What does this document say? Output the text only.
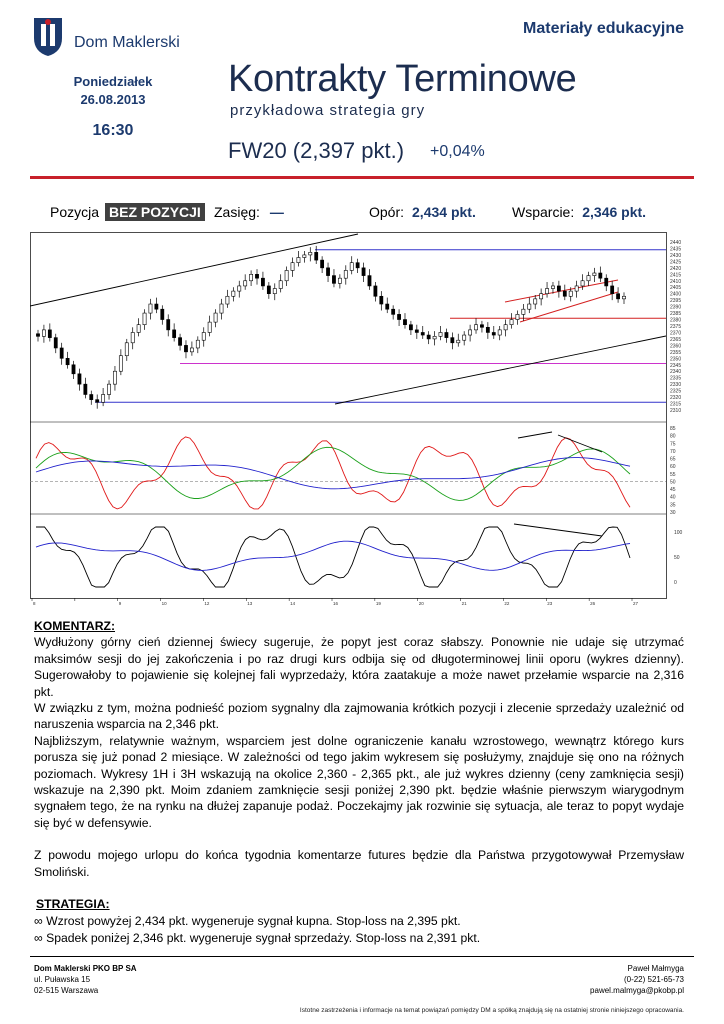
Dom Maklerski
Materiały edukacyjne
Poniedziałek
26.08.2013
16:30
Kontrakty Terminowe
przykładowa strategia gry
FW20 (2,397 pkt.) +0,04%
Pozycja BEZ POZYCJI Zasięg: —	Opór: 2,434 pkt.	Wsparcie: 2,346 pkt.
2440
2435
2430
2425
2420
2415
2410
2405
2400
2395
2390
2385
2380
2375
2370
2365
2360
2355
2350
2345
2340
2335
2330
2325
2320
2315
2310
85
80
75
70
65
60
55
50
45
40
35
30
100
50
0
8	9	10	12	13	14	16	19	20	21	22	23	26	27
KOMENTARZ:

Wydłużony górny cień dziennej świecy sugeruje, że popyt jest coraz słabszy. Ponownie nie udaje się utrzymać maksimów sesji do jej zakończenia i po raz drugi kurs odbija się od długoterminowej linii oporu (wykres dzienny). Sugerowałoby to pojawienie się kolejnej fali wyprzedaży, która zaatakuje a może nawet przełamie wsparcie na 2,316 pkt.

W związku z tym, można podnieść poziom sygnalny dla zajmowania krótkich pozycji i zlecenie sprzedaży uzależnić od naruszenia wsparcia na 2,346 pkt.

Najbliższym, relatywnie ważnym, wsparciem jest dolne ograniczenie kanału wzrostowego, wewnątrz którego kurs porusza się już ponad 2 miesiące. W zależności od tego jakim wykresem się posłużymy, znajduje się ono na różnych poziomach. Wykresy 1H i 3H wskazują na okolice 2,360 - 2,365 pkt., ale już wykres dzienny (ceny zamknięcia sesji) wskazuje na 2,390 pkt. Moim zdaniem zamknięcie sesji poniżej 2,390 pkt. będzie właśnie pierwszym wiarygodnym sygnałem tego, że na rynku na dłużej zapanuje podaż. Poczekajmy jak rozwinie się sytuacja, ale teraz to popyt wydaje się być w defensywie.

Z powodu mojego urlopu do końca tygodnia komentarze futures będzie dla Państwa przygotowywał Przemysław Smoliński.

STRATEGIA:
∞ Wzrost powyżej 2,434 pkt. wygeneruje sygnał kupna. Stop-loss na 2,395 pkt.
∞ Spadek poniżej 2,346 pkt. wygeneruje sygnał sprzedaży. Stop-loss na 2,391 pkt.
Dom Maklerski PKO BP SA
ul. Puławska 15
02-515 Warszawa
Paweł Małmyga
(0-22) 521-65-73
pawel.malmyga@pkobp.pl
Istotne zastrzeżenia i informacje na temat powiązań pomiędzy DM a spółką znajdują się na ostatniej stronie niniejszego opracowania.
